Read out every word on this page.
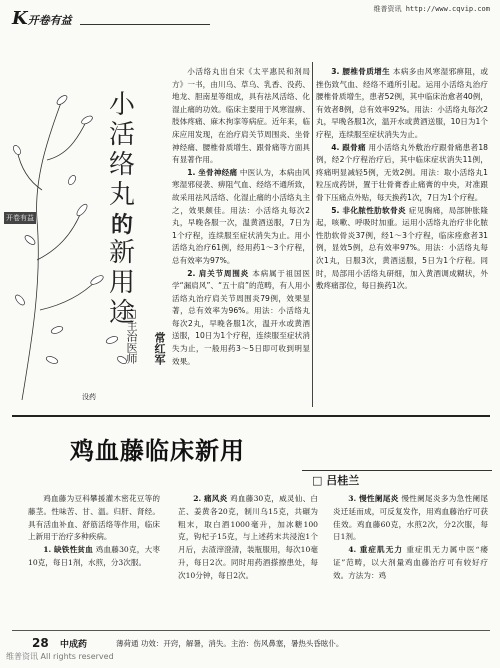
K开卷有益
维普资讯 http://www.cqvip.com
开卷有益
小
活
络
丸
的
新
用
途
□主治医师 常红军
没药

小活络丸出自宋《太平惠民和剂局方》一书，由川乌、草乌、乳香、没药、地龙、胆南星等组成，具有祛风活络、化湿止痛的功效。临床主要用于风寒湿痹、肢体疼痛、麻木拘挛等病症。近年来，临床应用发现，在治疗肩关节周围炎、坐骨神经痛、腰椎骨质增生、跟骨痛等方面具有显著作用。

1. 坐骨神经痛 中医认为，本病由风寒湿邪侵袭、痹阻气血、经络不通所致，故采用祛风活络、化湿止痛的小活络丸主之，效果颇佳。用法：小活络丸每次2丸，早晚各服一次，温黄酒送服，7日为1个疗程，连续服至症状消失为止。用小活络丸治疗61例，经用药1～3个疗程，总有效率为97%。

2. 肩关节周围炎 本病属于祖国医学“漏肩风”、“五十肩”的范畴，有人用小活络丸治疗肩关节周围炎79例，效果显著，总有效率为96%。用法：小活络丸每次2丸，早晚各服1次，温开水或黄酒送服，10日为1个疗程，连续服至症状消失为止，一般用药3～5日即可收到明显效果。

3. 腰椎骨质增生 本病多由风寒湿邪痹阻，或挫伤致气血、经络不通所引起。运用小活络丸治疗腰椎骨质增生，患者52例，其中临床治愈者40例，有效者8例，总有效率92%。用法：小活络丸每次2丸，早晚各服1次，温开水或黄酒送服，10日为1个疗程，连续服至症状消失为止。

4. 跟骨痛 用小活络丸外敷治疗跟骨痛患者18例，经2个疗程治疗后，其中临床症状消失11例，疼痛明显减轻5例，无效2例。用法：取小活络丸1粒压成药饼，置于壮骨膏香止痛膏的中央，对准跟骨下压痛点外贴，每天换药1次，7日为1个疗程。

5. 非化脓性肋软骨炎 症见胸痛，局部肿胀隆起，咳嗽、呼吸时加重。运用小活络丸治疗非化脓性肋软骨炎37例，经1～3个疗程，临床痊愈者31例，显效5例，总有效率97%。用法：小活络丸每次1丸，日服3次，黄酒送服，5日为1个疗程。同时，局部用小活络丸研细，加入黄酒调成糊状，外敷疼痛部位，每日换药1次。

鸡血藤临床新用
□ 吕桂兰

鸡血藤为豆科攀援灌木密花豆等的藤茎。性味苦、甘、温。归肝、肾经。具有活血补血、舒筋活络等作用，临床上新用于治疗多种疾病。

1. 缺铁性贫血 鸡血藤30克，大枣10克，每日1剂，水煎，分3次服。

2. 痛风炎 鸡血藤30克，威灵仙、白芷、姜黄各20克，制川乌15克，共碾为粗末，取白酒1000毫升，加冰糖100克，钩杞子15克，与上述药末共浸泡1个月后，去渣滓澄清，装瓶服用，每次10毫升，每日2次。同时用药酒搽擦患处，每次10分钟，每日2次。

3. 慢性阑尾炎 慢性阑尾炎多为急性阑尾炎迁延而成，可反复发作，用鸡血藤治疗可获佳效。鸡血藤60克，水煎2次，分2次服，每日1剂。

4. 重症肌无力 重症肌无力属中医“痿证”范畴，以大剂量鸡血藤治疗可有较好疗效。方法为：鸡

28 中成药	薄荷通 功效：开窍，解暑，消失。主治：伤风鼻塞，暑热头昏眩仆。
维普资讯 All rights reserved
